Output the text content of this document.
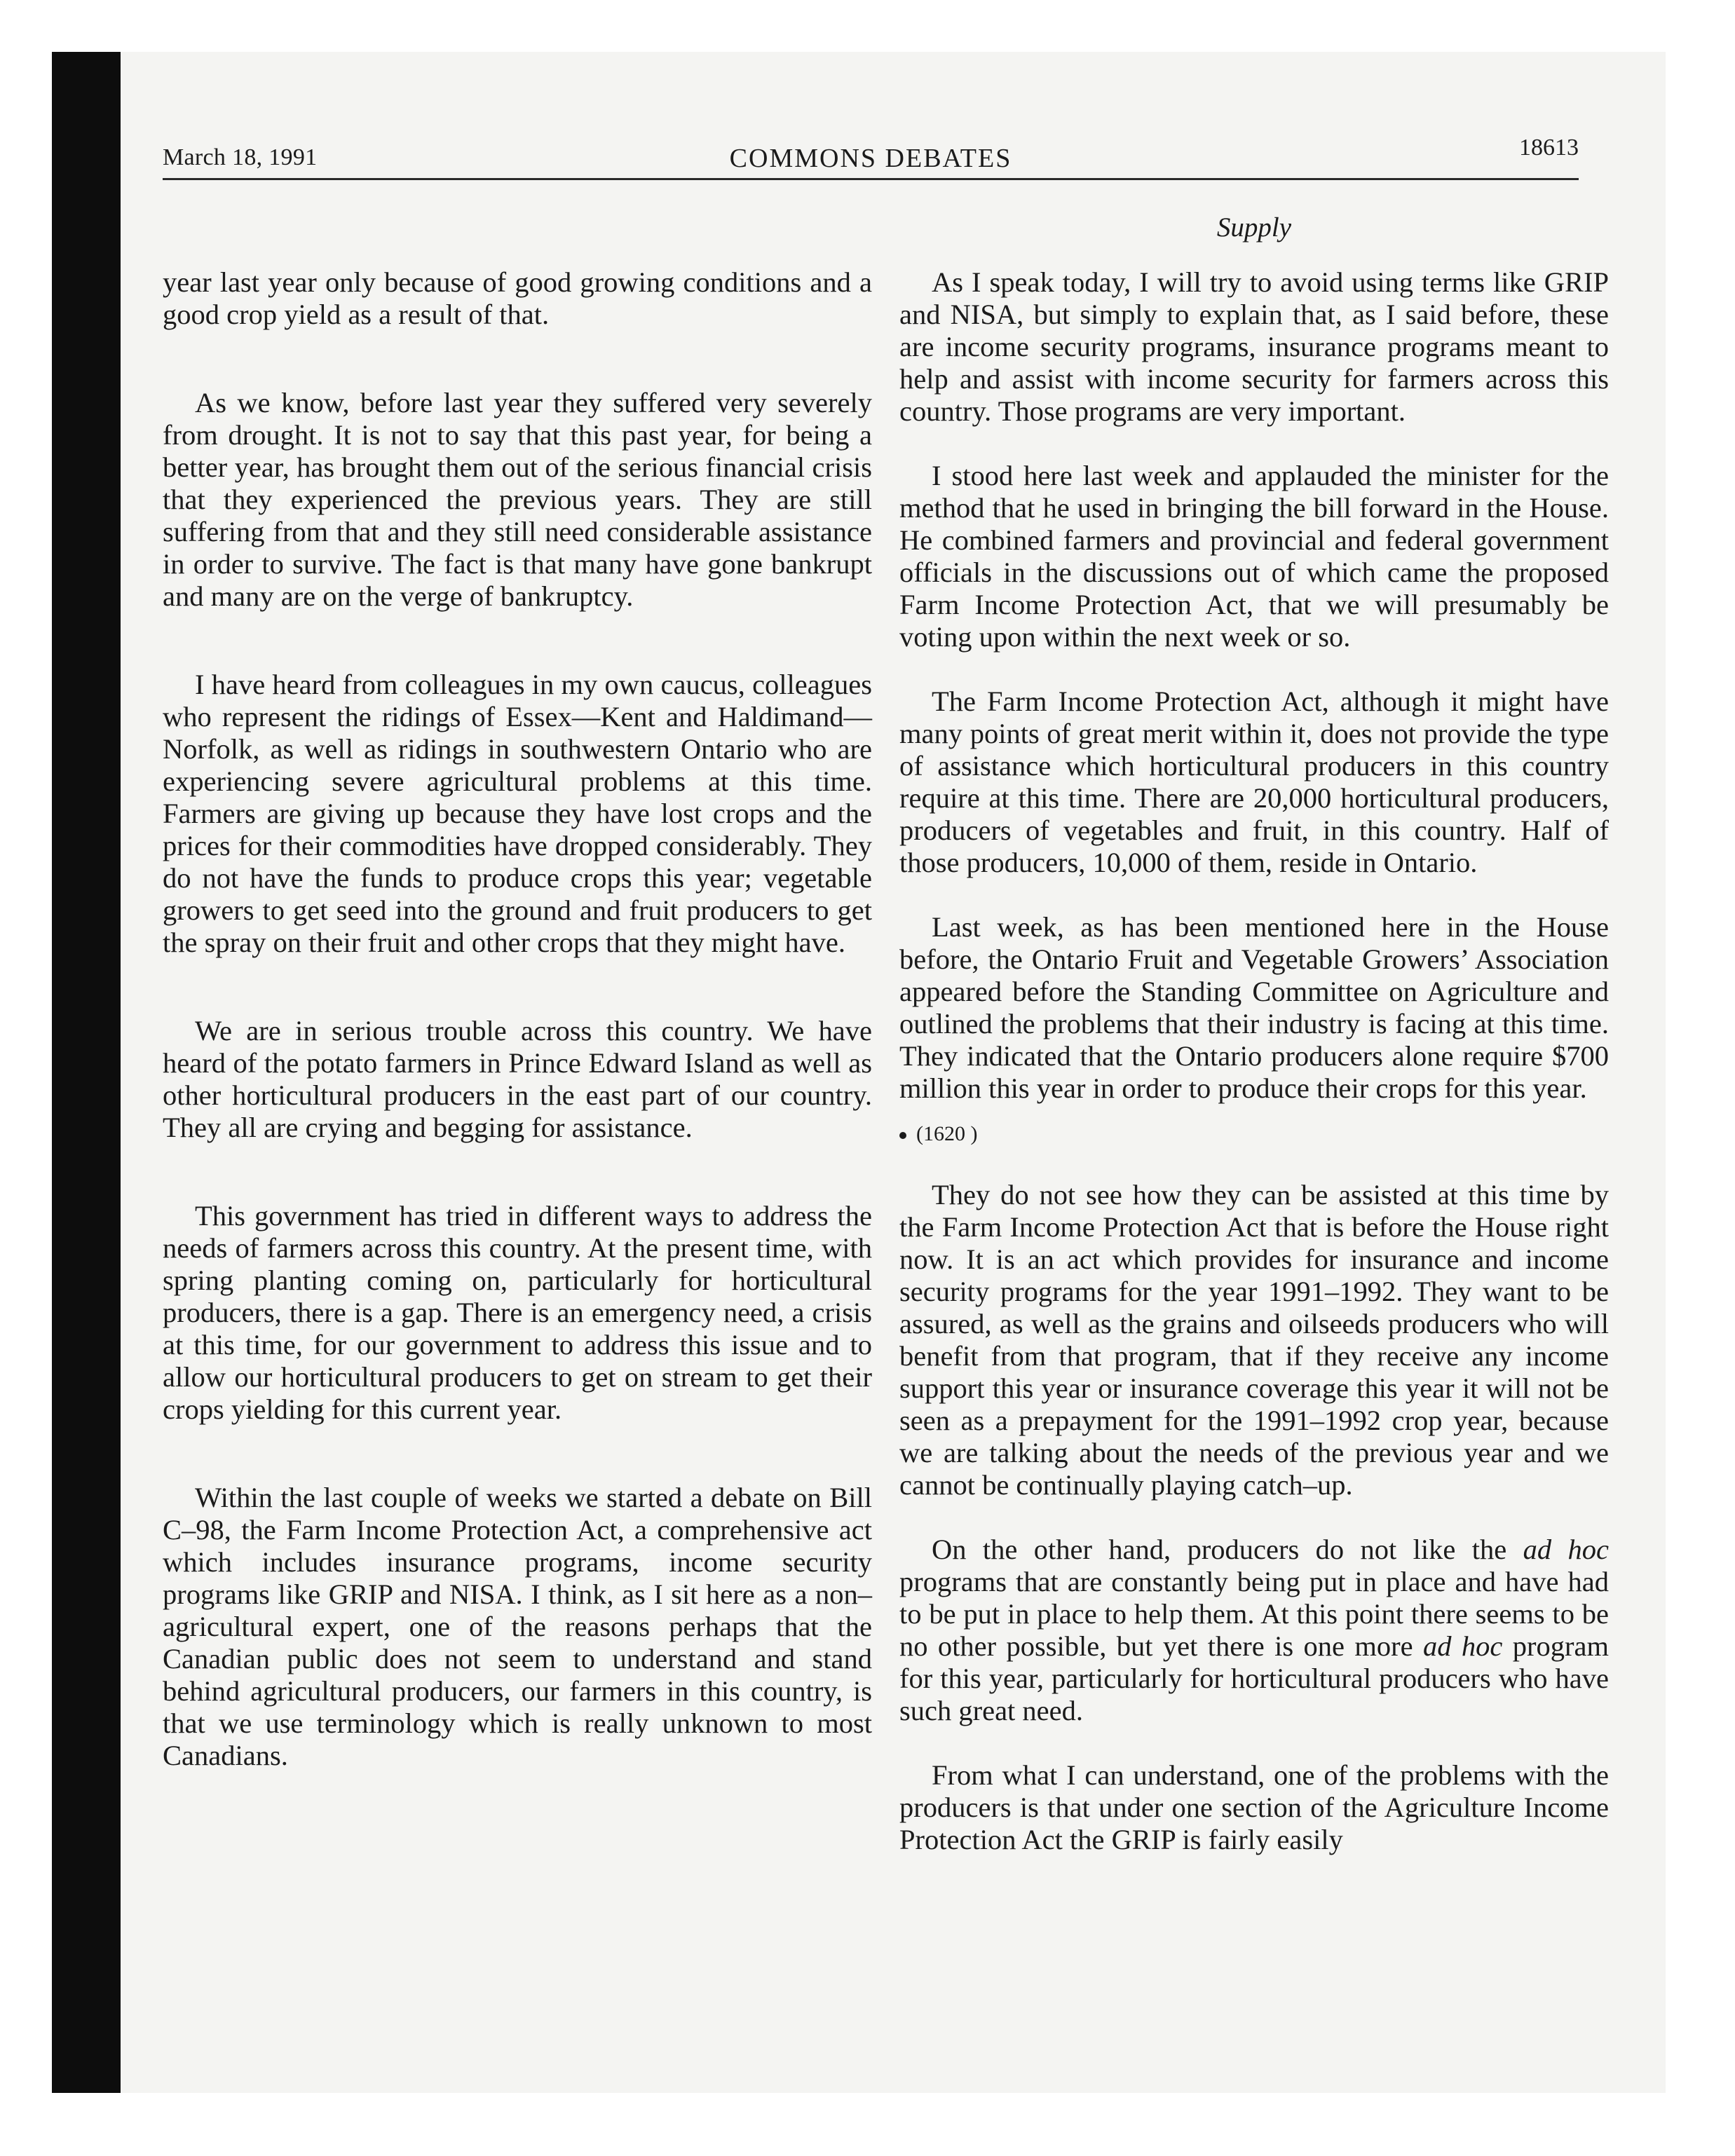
March 18, 1991	COMMONS DEBATES	18613
Supply

year last year only because of good growing conditions and a good crop yield as a result of that.

As we know, before last year they suffered very severely from drought. It is not to say that this past year, for being a better year, has brought them out of the serious financial crisis that they experienced the previous years. They are still suffering from that and they still need considerable assistance in order to survive. The fact is that many have gone bankrupt and many are on the verge of bankruptcy.

I have heard from colleagues in my own caucus, colleagues who represent the ridings of Essex—Kent and Haldimand—Norfolk, as well as ridings in southwestern Ontario who are experiencing severe agricultural problems at this time. Farmers are giving up because they have lost crops and the prices for their commodities have dropped considerably. They do not have the funds to produce crops this year; vegetable growers to get seed into the ground and fruit producers to get the spray on their fruit and other crops that they might have.

We are in serious trouble across this country. We have heard of the potato farmers in Prince Edward Island as well as other horticultural producers in the east part of our country. They all are crying and begging for assistance.

This government has tried in different ways to address the needs of farmers across this country. At the present time, with spring planting coming on, particularly for horticultural producers, there is a gap. There is an emergency need, a crisis at this time, for our government to address this issue and to allow our horticultural producers to get on stream to get their crops yielding for this current year.

Within the last couple of weeks we started a debate on Bill C–98, the Farm Income Protection Act, a comprehensive act which includes insurance programs, income security programs like GRIP and NISA. I think, as I sit here as a non–agricultural expert, one of the reasons perhaps that the Canadian public does not seem to understand and stand behind agricultural producers, our farmers in this country, is that we use terminology which is really unknown to most Canadians.

As I speak today, I will try to avoid using terms like GRIP and NISA, but simply to explain that, as I said before, these are income security programs, insurance programs meant to help and assist with income security for farmers across this country. Those programs are very important.

I stood here last week and applauded the minister for the method that he used in bringing the bill forward in the House. He combined farmers and provincial and federal government officials in the discussions out of which came the proposed Farm Income Protection Act, that we will presumably be voting upon within the next week or so.

The Farm Income Protection Act, although it might have many points of great merit within it, does not provide the type of assistance which horticultural producers in this country require at this time. There are 20,000 horticultural producers, producers of vegetables and fruit, in this country. Half of those producers, 10,000 of them, reside in Ontario.

Last week, as has been mentioned here in the House before, the Ontario Fruit and Vegetable Growers’ Association appeared before the Standing Committee on Agriculture and outlined the problems that their industry is facing at this time. They indicated that the Ontario producers alone require $700 million this year in order to produce their crops for this year.

(1620 )

They do not see how they can be assisted at this time by the Farm Income Protection Act that is before the House right now. It is an act which provides for insurance and income security programs for the year 1991–1992. They want to be assured, as well as the grains and oilseeds producers who will benefit from that program, that if they receive any income support this year or insurance coverage this year it will not be seen as a prepayment for the 1991–1992 crop year, because we are talking about the needs of the previous year and we cannot be continually playing catch–up.

On the other hand, producers do not like the ad hoc programs that are constantly being put in place and have had to be put in place to help them. At this point there seems to be no other possible, but yet there is one more ad hoc program for this year, particularly for horticultural producers who have such great need.

From what I can understand, one of the problems with the producers is that under one section of the Agriculture Income Protection Act the GRIP is fairly easily
